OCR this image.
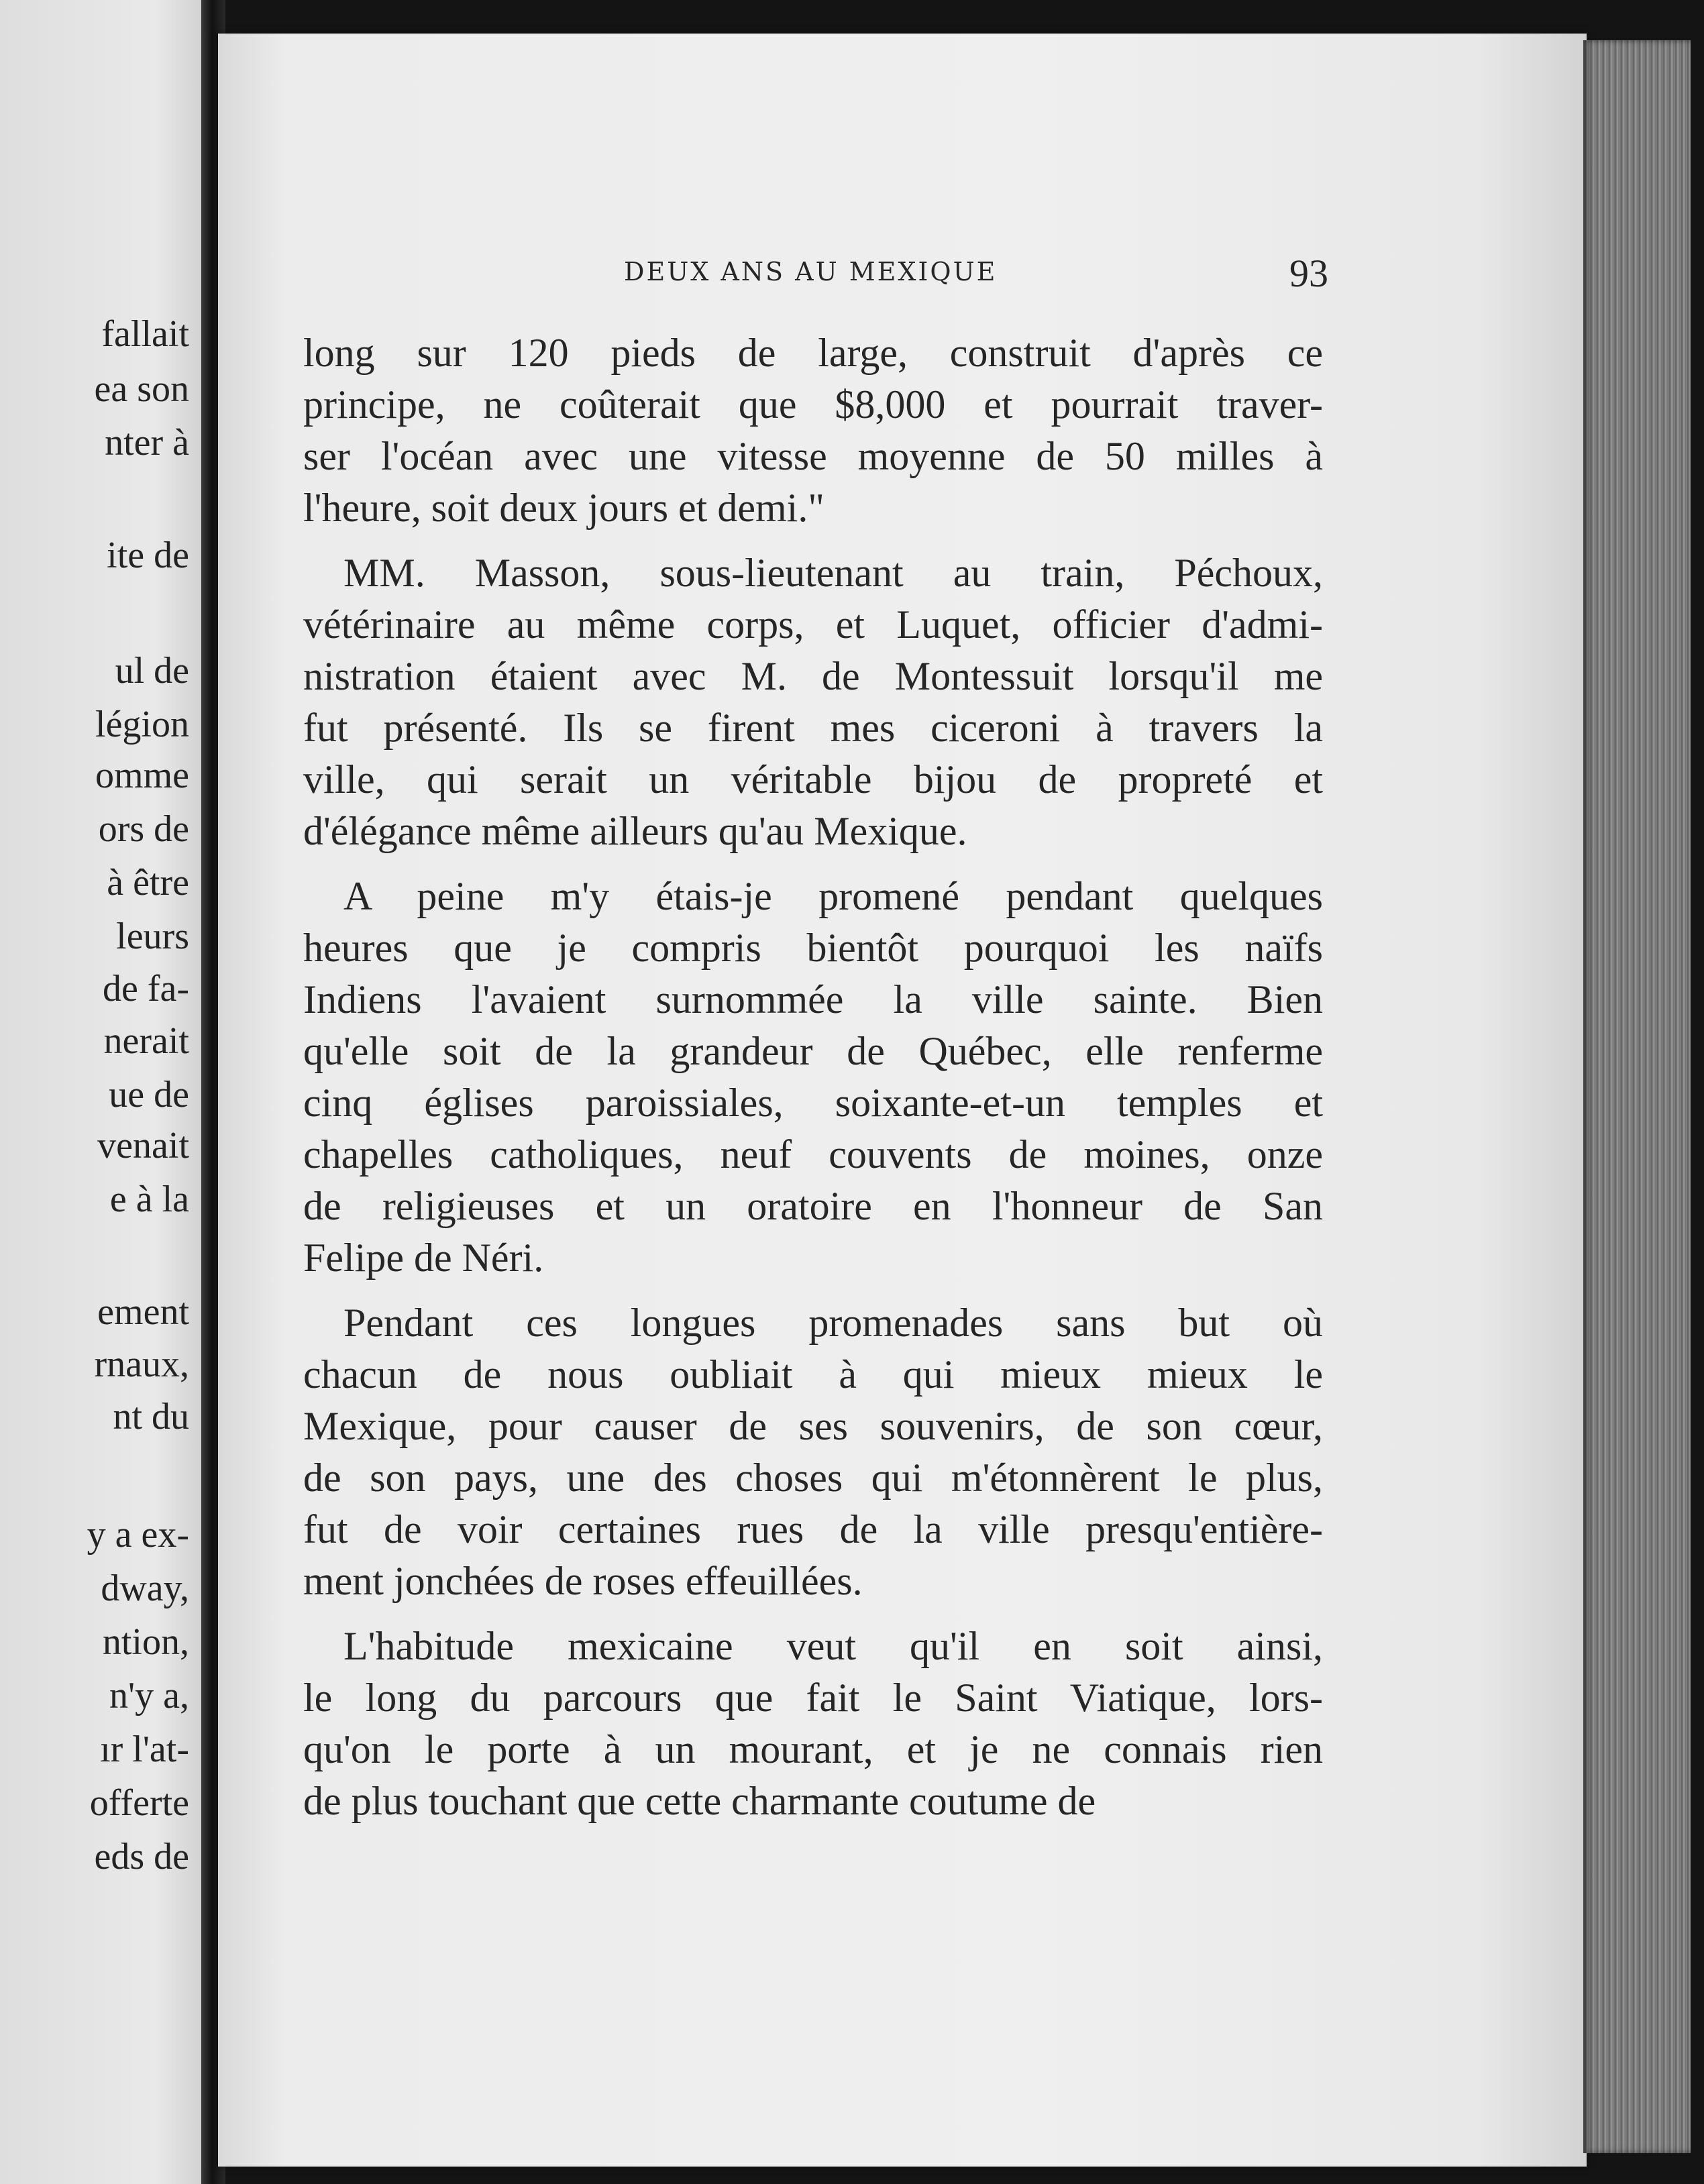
fallait
ea son
nter à
ite de
ul de
légion
omme
ors de
à être
leurs
de fa-
nerait
ue de
venait
e à la
ement
rnaux,
nt du
y a ex-
dway,
ntion,
n'y a,
ır l'at-
offerte
eds de
DEUX ANS AU MEXIQUE	93
long sur 120 pieds de large, construit d'après ce
principe, ne coûterait que $8,000 et pourrait traver-
ser l'océan avec une vitesse moyenne de 50 milles à
l'heure, soit deux jours et demi."
MM. Masson, sous-lieutenant au train, Péchoux,
vétérinaire au même corps, et Luquet, officier d'admi-
nistration étaient avec M. de Montessuit lorsqu'il me
fut présenté. Ils se firent mes ciceroni à travers la
ville, qui serait un véritable bijou de propreté et
d'élégance même ailleurs qu'au Mexique.
A peine m'y étais-je promené pendant quelques
heures que je compris bientôt pourquoi les naïfs
Indiens l'avaient surnommée la ville sainte. Bien
qu'elle soit de la grandeur de Québec, elle renferme
cinq églises paroissiales, soixante-et-un temples et
chapelles catholiques, neuf couvents de moines, onze
de religieuses et un oratoire en l'honneur de San
Felipe de Néri.
Pendant ces longues promenades sans but où
chacun de nous oubliait à qui mieux mieux le
Mexique, pour causer de ses souvenirs, de son cœur,
de son pays, une des choses qui m'étonnèrent le plus,
fut de voir certaines rues de la ville presqu'entière-
ment jonchées de roses effeuillées.
L'habitude mexicaine veut qu'il en soit ainsi,
le long du parcours que fait le Saint Viatique, lors-
qu'on le porte à un mourant, et je ne connais rien
de plus touchant que cette charmante coutume de
